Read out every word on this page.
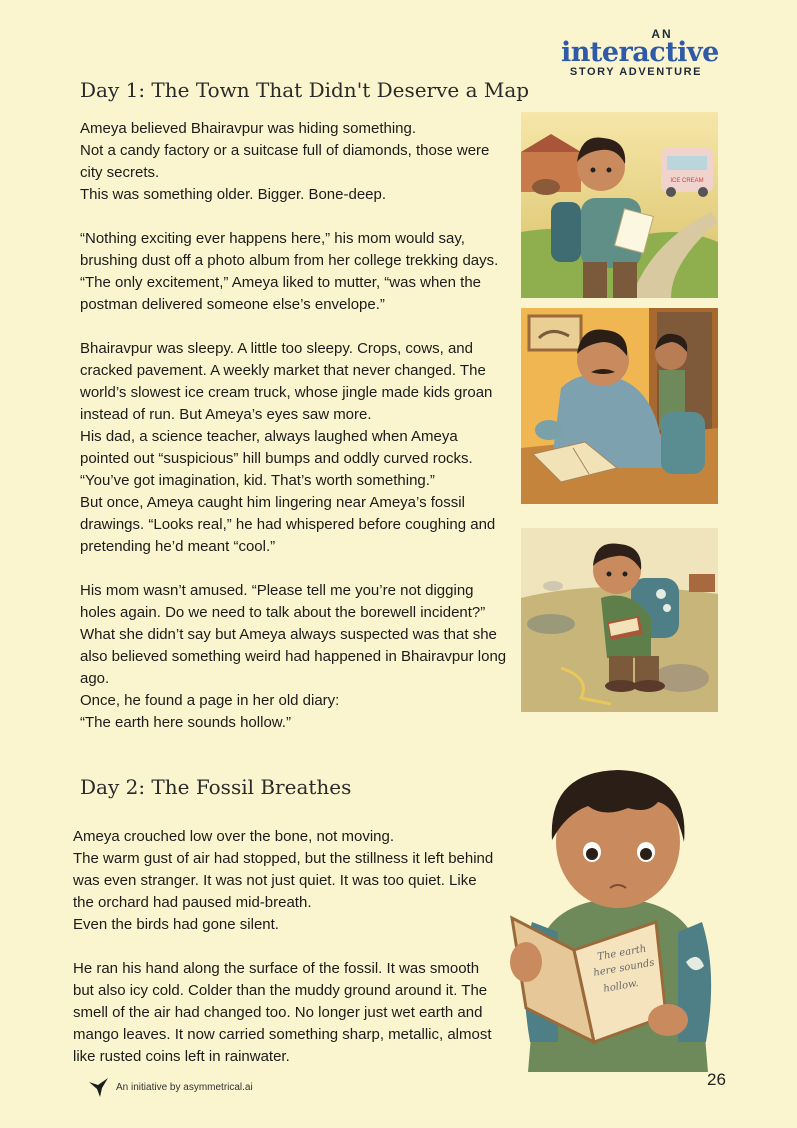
AN
interactive
STORY ADVENTURE
Day 1: The Town That Didn't Deserve a Map

Ameya believed Bhairavpur was hiding something.
Not a candy factory or a suitcase full of diamonds, those were city secrets.
This was something older. Bigger. Bone-deep.

“Nothing exciting ever happens here,” his mom would say, brushing dust off a photo album from her college trekking days.
“The only excitement,” Ameya liked to mutter, “was when the postman delivered someone else’s envelope.”

Bhairavpur was sleepy. A little too sleepy. Crops, cows, and cracked pavement. A weekly market that never changed. The world’s slowest ice cream truck, whose jingle made kids groan instead of run. But Ameya’s eyes saw more.
His dad, a science teacher, always laughed when Ameya pointed out “suspicious” hill bumps and oddly curved rocks.
“You’ve got imagination, kid. That’s worth something.”
But once, Ameya caught him lingering near Ameya’s fossil drawings. “Looks real,” he had whispered before coughing and pretending he’d meant “cool.”

His mom wasn’t amused. “Please tell me you’re not digging holes again. Do we need to talk about the borewell incident?”
What she didn’t say but Ameya always suspected was that she also believed something weird had happened in Bhairavpur long ago.
Once, he found a page in her old diary:
“The earth here sounds hollow.”

Day 2: The Fossil Breathes

Ameya crouched low over the bone, not moving.
The warm gust of air had stopped, but the stillness it left behind was even stranger. It was not just quiet. It was too quiet. Like the orchard had paused mid-breath.
Even the birds had gone silent.

He ran his hand along the surface of the fossil. It was smooth but also icy cold. Colder than the muddy ground around it. The smell of the air had changed too. No longer just wet earth and mango leaves. It now carried something sharp, metallic, almost like rusted coins left in rainwater.

ICE CREAM
The earth
here sounds
hollow.
An initiative by asymmetrical.ai	26
